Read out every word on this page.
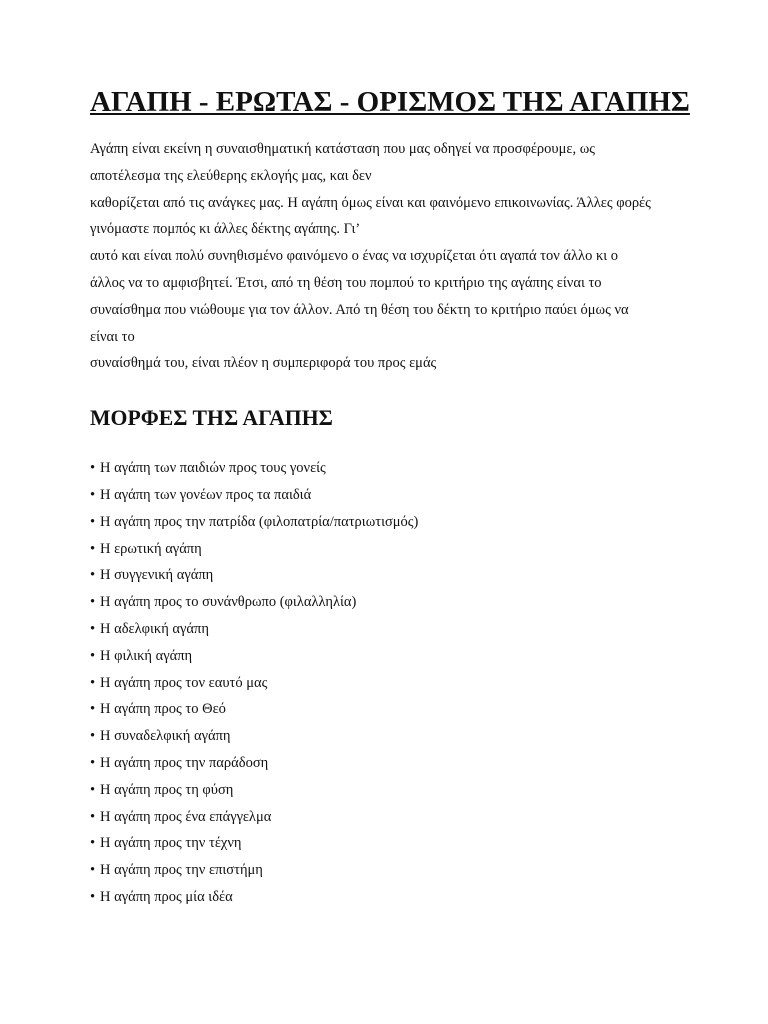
ΑΓΑΠΗ - ΕΡΩΤΑΣ - ΟΡΙΣΜΟΣ ΤΗΣ ΑΓΑΠΗΣ
Αγάπη είναι εκείνη η συναισθηματική κατάσταση που μας οδηγεί να προσφέρουμε, ως
αποτέλεσμα της ελεύθερης εκλογής μας, και δεν
καθορίζεται από τις ανάγκες μας. Η αγάπη όμως είναι και φαινόμενο επικοινωνίας. Άλλες φορές
γινόμαστε πομπός κι άλλες δέκτης αγάπης. Γι’
αυτό και είναι πολύ συνηθισμένο φαινόμενο ο ένας να ισχυρίζεται ότι αγαπά τον άλλο κι ο
άλλος να το αμφισβητεί. Έτσι, από τη θέση του πομπού το κριτήριο της αγάπης είναι το
συναίσθημα που νιώθουμε για τον άλλον. Από τη θέση του δέκτη το κριτήριο παύει όμως να
είναι το
συναίσθημά του, είναι πλέον η συμπεριφορά του προς εμάς
ΜΟΡΦΕΣ ΤΗΣ ΑΓΑΠΗΣ
• Η αγάπη των παιδιών προς τους γονείς
• Η αγάπη των γονέων προς τα παιδιά
• Η αγάπη προς την πατρίδα (φιλοπατρία/πατριωτισμός)
• Η ερωτική αγάπη
• Η συγγενική αγάπη
• Η αγάπη προς το συνάνθρωπο (φιλαλληλία)
• Η αδελφική αγάπη
• Η φιλική αγάπη
• Η αγάπη προς τον εαυτό μας
• Η αγάπη προς το Θεό
• Η συναδελφική αγάπη
• Η αγάπη προς την παράδοση
• Η αγάπη προς τη φύση
• Η αγάπη προς ένα επάγγελμα
• Η αγάπη προς την τέχνη
• Η αγάπη προς την επιστήμη
• Η αγάπη προς μία ιδέα
